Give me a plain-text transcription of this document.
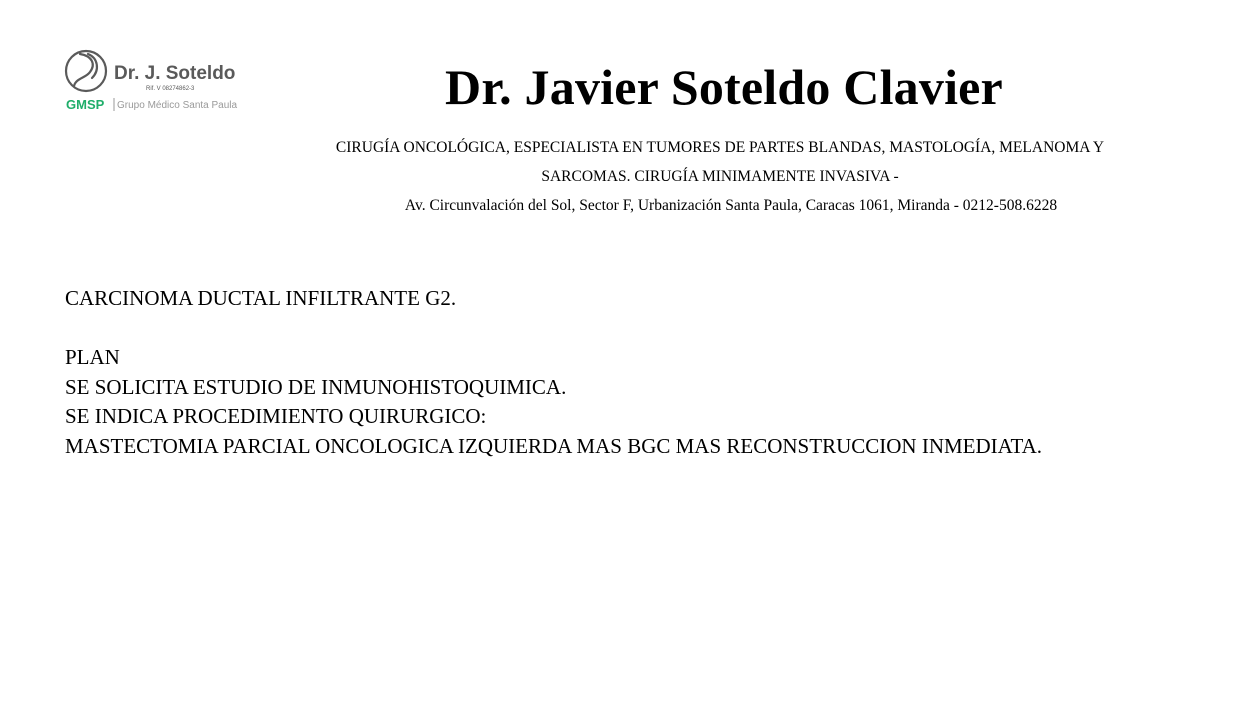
Dr. J. Soteldo
Rif. V 08274862-3
GMSP Grupo Médico Santa Paula	Dr. Javier Soteldo Clavier
CIRUGÍA ONCOLÓGICA, ESPECIALISTA EN TUMORES DE PARTES BLANDAS, MASTOLOGÍA, MELANOMA Y
SARCOMAS. CIRUGÍA MINIMAMENTE INVASIVA -
Av. Circunvalación del Sol, Sector F, Urbanización Santa Paula, Caracas 1061, Miranda - 0212-508.6228

CARCINOMA DUCTAL INFILTRANTE G2.

PLAN

SE SOLICITA ESTUDIO DE INMUNOHISTOQUIMICA.

SE INDICA PROCEDIMIENTO QUIRURGICO:

MASTECTOMIA PARCIAL ONCOLOGICA IZQUIERDA MAS BGC MAS RECONSTRUCCION INMEDIATA.
